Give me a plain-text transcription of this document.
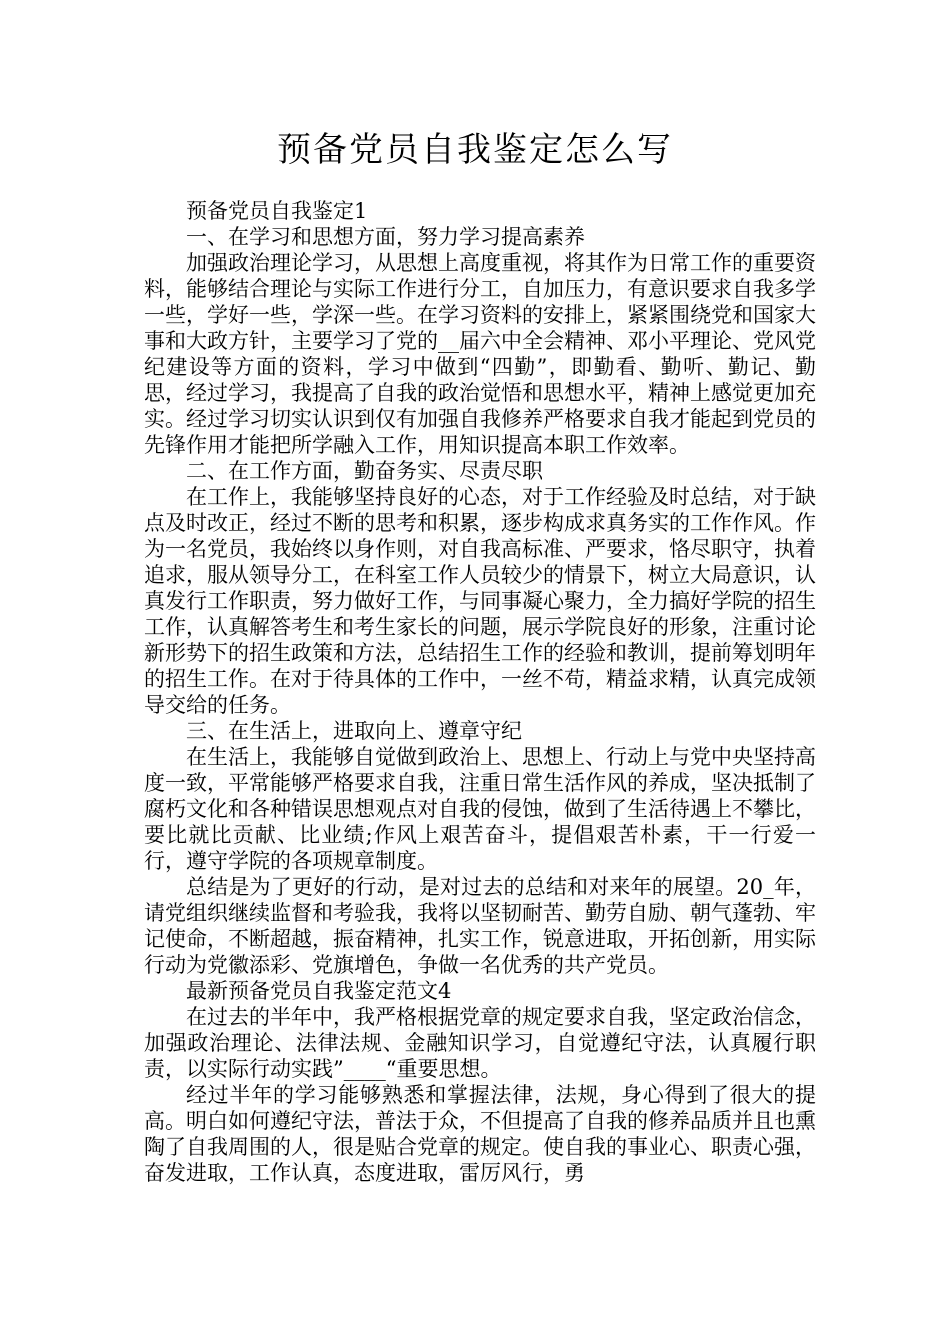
预备党员自我鉴定怎么写

预备党员自我鉴定1

一、在学习和思想方面，努力学习提高素养

加强政治理论学习，从思想上高度重视，将其作为日常工作的重要资料，能够结合理论与实际工作进行分工，自加压力，有意识要求自我多学一些，学好一些，学深一些。在学习资料的安排上，紧紧围绕党和国家大事和大政方针，主要学习了党的__届六中全会精神、邓小平理论、党风党纪建设等方面的资料，学习中做到“四勤”，即勤看、勤听、勤记、勤思，经过学习，我提高了自我的政治觉悟和思想水平，精神上感觉更加充实。经过学习切实认识到仅有加强自我修养严格要求自我才能起到党员的先锋作用才能把所学融入工作，用知识提高本职工作效率。

二、在工作方面，勤奋务实、尽责尽职

在工作上，我能够坚持良好的心态，对于工作经验及时总结，对于缺点及时改正，经过不断的思考和积累，逐步构成求真务实的工作作风。作为一名党员，我始终以身作则，对自我高标准、严要求，恪尽职守，执着追求，服从领导分工，在科室工作人员较少的情景下，树立大局意识，认真发行工作职责，努力做好工作，与同事凝心聚力，全力搞好学院的招生工作，认真解答考生和考生家长的问题，展示学院良好的形象，注重讨论新形势下的招生政策和方法，总结招生工作的经验和教训，提前筹划明年的招生工作。在对于待具体的工作中，一丝不苟，精益求精，认真完成领导交给的任务。

三、在生活上，进取向上、遵章守纪

在生活上，我能够自觉做到政治上、思想上、行动上与党中央坚持高度一致，平常能够严格要求自我，注重日常生活作风的养成，坚决抵制了腐朽文化和各种错误思想观点对自我的侵蚀，做到了生活待遇上不攀比，要比就比贡献、比业绩;作风上艰苦奋斗，提倡艰苦朴素，干一行爱一行，遵守学院的各项规章制度。

总结是为了更好的行动，是对过去的总结和对来年的展望。20_年，请党组织继续监督和考验我，我将以坚韧耐苦、勤劳自励、朝气蓬勃、牢记使命，不断超越，振奋精神，扎实工作，锐意进取，开拓创新，用实际行动为党徽添彩、党旗增色，争做一名优秀的共产党员。

最新预备党员自我鉴定范文4

在过去的半年中，我严格根据党章的规定要求自我，坚定政治信念，加强政治理论、法律法规、金融知识学习，自觉遵纪守法，认真履行职责，以实际行动实践”____“重要思想。

经过半年的学习能够熟悉和掌握法律，法规，身心得到了很大的提高。明白如何遵纪守法，普法于众，不但提高了自我的修养品质并且也熏陶了自我周围的人，很是贴合党章的规定。使自我的事业心、职责心强，奋发进取，工作认真，态度进取，雷厉风行，勇
